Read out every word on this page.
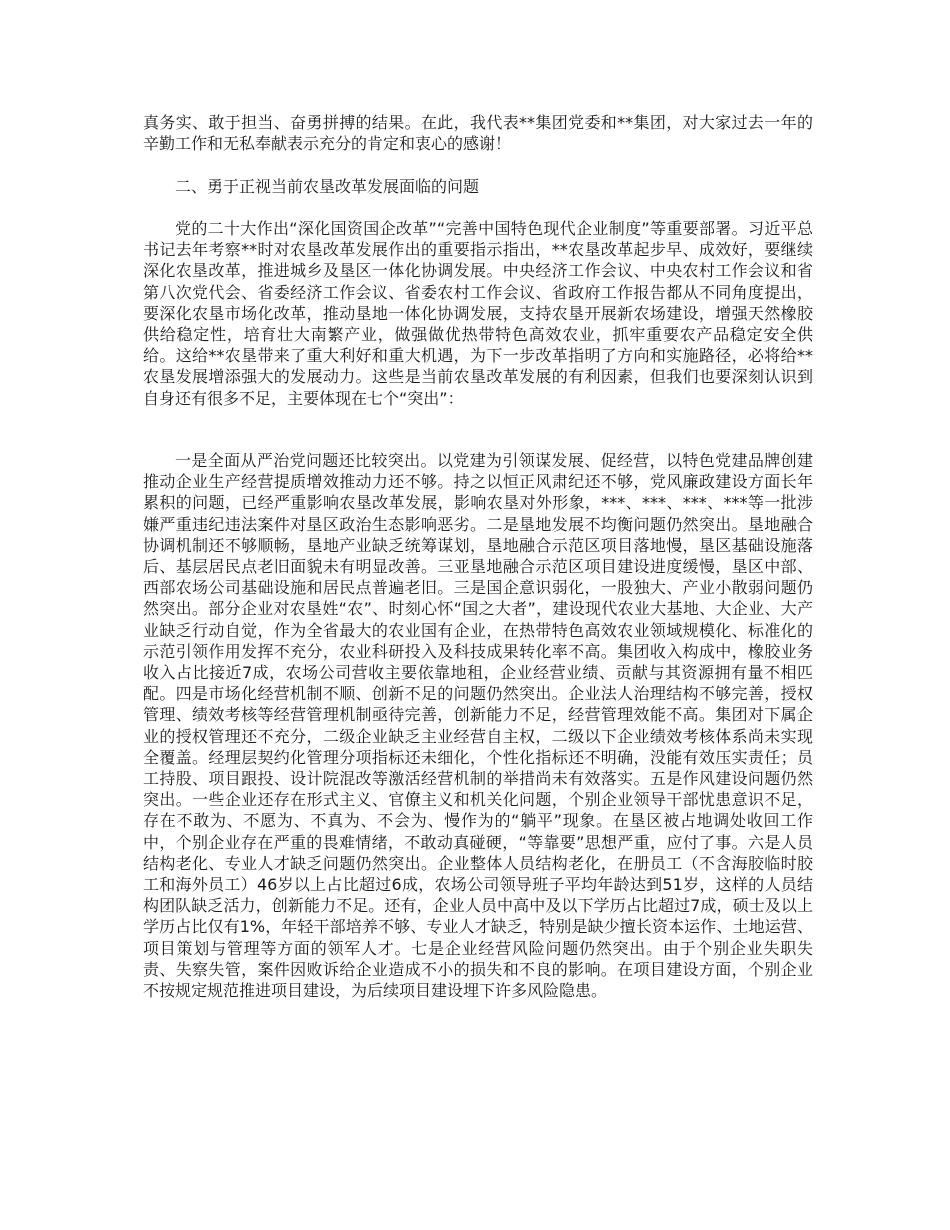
真务实、敢于担当、奋勇拼搏的结果。在此，我代表**集团党委和**集团，对大家过去一年的辛勤工作和无私奉献表示充分的肯定和衷心的感谢！

二、勇于正视当前农垦改革发展面临的问题

党的二十大作出“深化国资国企改革”“完善中国特色现代企业制度”等重要部署。习近平总书记去年考察**时对农垦改革发展作出的重要指示指出，**农垦改革起步早、成效好，要继续深化农垦改革，推进城乡及垦区一体化协调发展。中央经济工作会议、中央农村工作会议和省第八次党代会、省委经济工作会议、省委农村工作会议、省政府工作报告都从不同角度提出，要深化农垦市场化改革，推动垦地一体化协调发展，支持农垦开展新农场建设，增强天然橡胶供给稳定性，培育壮大南繁产业，做强做优热带特色高效农业，抓牢重要农产品稳定安全供给。这给**农垦带来了重大利好和重大机遇，为下一步改革指明了方向和实施路径，必将给**农垦发展增添强大的发展动力。这些是当前农垦改革发展的有利因素，但我们也要深刻认识到自身还有很多不足，主要体现在七个“突出”：

一是全面从严治党问题还比较突出。以党建为引领谋发展、促经营，以特色党建品牌创建推动企业生产经营提质增效推动力还不够。持之以恒正风肃纪还不够，党风廉政建设方面长年累积的问题，已经严重影响农垦改革发展，影响农垦对外形象，***、***、***、***等一批涉嫌严重违纪违法案件对垦区政治生态影响恶劣。二是垦地发展不均衡问题仍然突出。垦地融合协调机制还不够顺畅，垦地产业缺乏统筹谋划，垦地融合示范区项目落地慢，垦区基础设施落后、基层居民点老旧面貌未有明显改善。三亚垦地融合示范区项目建设进度缓慢，垦区中部、西部农场公司基础设施和居民点普遍老旧。三是国企意识弱化，一股独大、产业小散弱问题仍然突出。部分企业对农垦姓“农”、时刻心怀“国之大者”，建设现代农业大基地、大企业、大产业缺乏行动自觉，作为全省最大的农业国有企业，在热带特色高效农业领域规模化、标准化的示范引领作用发挥不充分，农业科研投入及科技成果转化率不高。集团收入构成中，橡胶业务收入占比接近7成，农场公司营收主要依靠地租，企业经营业绩、贡献与其资源拥有量不相匹配。四是市场化经营机制不顺、创新不足的问题仍然突出。企业法人治理结构不够完善，授权管理、绩效考核等经营管理机制亟待完善，创新能力不足，经营管理效能不高。集团对下属企业的授权管理还不充分，二级企业缺乏主业经营自主权，二级以下企业绩效考核体系尚未实现全覆盖。经理层契约化管理分项指标还未细化，个性化指标还不明确，没能有效压实责任；员工持股、项目跟投、设计院混改等激活经营机制的举措尚未有效落实。五是作风建设问题仍然突出。一些企业还存在形式主义、官僚主义和机关化问题，个别企业领导干部忧患意识不足，存在不敢为、不愿为、不真为、不会为、慢作为的“躺平”现象。在垦区被占地调处收回工作中，个别企业存在严重的畏难情绪，不敢动真碰硬，“等靠要”思想严重，应付了事。六是人员结构老化、专业人才缺乏问题仍然突出。企业整体人员结构老化，在册员工（不含海胶临时胶工和海外员工）46岁以上占比超过6成，农场公司领导班子平均年龄达到51岁，这样的人员结构团队缺乏活力，创新能力不足。还有，企业人员中高中及以下学历占比超过7成，硕士及以上学历占比仅有1%，年轻干部培养不够、专业人才缺乏，特别是缺少擅长资本运作、土地运营、项目策划与管理等方面的领军人才。七是企业经营风险问题仍然突出。由于个别企业失职失责、失察失管，案件因败诉给企业造成不小的损失和不良的影响。在项目建设方面，个别企业不按规定规范推进项目建设，为后续项目建设埋下许多风险隐患。
